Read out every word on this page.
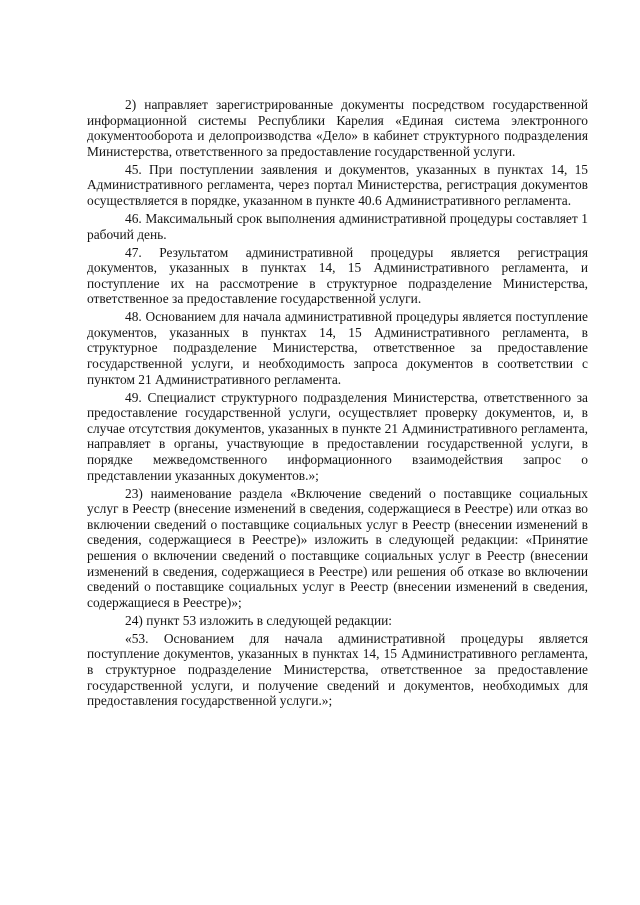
2) направляет зарегистрированные документы посредством государственной информационной системы Республики Карелия «Единая система электронного документооборота и делопроизводства «Дело» в кабинет структурного подразделения Министерства, ответственного за предоставление государственной услуги.

45. При поступлении заявления и документов, указанных в пунктах 14, 15 Административного регламента, через портал Министерства, регистрация документов осуществляется в порядке, указанном в пункте 40.6 Административного регламента.

46. Максимальный срок выполнения административной процедуры составляет 1 рабочий день.

47. Результатом административной процедуры является регистрация документов, указанных в пунктах 14, 15 Административного регламента, и поступление их на рассмотрение в структурное подразделение Министерства, ответственное за предоставление государственной услуги.

48. Основанием для начала административной процедуры является поступление документов, указанных в пунктах 14, 15 Административного регламента, в структурное подразделение Министерства, ответственное за предоставление государственной услуги, и необходимость запроса документов в соответствии с пунктом 21 Административного регламента.

49. Специалист структурного подразделения Министерства, ответственного за предоставление государственной услуги, осуществляет проверку документов, и, в случае отсутствия документов, указанных в пункте 21 Административного регламента, направляет в органы, участвующие в предоставлении государственной услуги, в порядке межведомственного информационного взаимодействия запрос о представлении указанных документов.»;

23) наименование раздела «Включение сведений о поставщике социальных услуг в Реестр (внесение изменений в сведения, содержащиеся в Реестре) или отказ во включении сведений о поставщике социальных услуг в Реестр (внесении изменений в сведения, содержащиеся в Реестре)» изложить в следующей редакции: «Принятие решения о включении сведений о поставщике социальных услуг в Реестр (внесении изменений в сведения, содержащиеся в Реестре) или решения об отказе во включении сведений о поставщике социальных услуг в Реестр (внесении изменений в сведения, содержащиеся в Реестре)»;

24) пункт 53 изложить в следующей редакции:

«53. Основанием для начала административной процедуры является поступление документов, указанных в пунктах 14, 15 Административного регламента, в структурное подразделение Министерства, ответственное за предоставление государственной услуги, и получение сведений и документов, необходимых для предоставления государственной услуги.»;
